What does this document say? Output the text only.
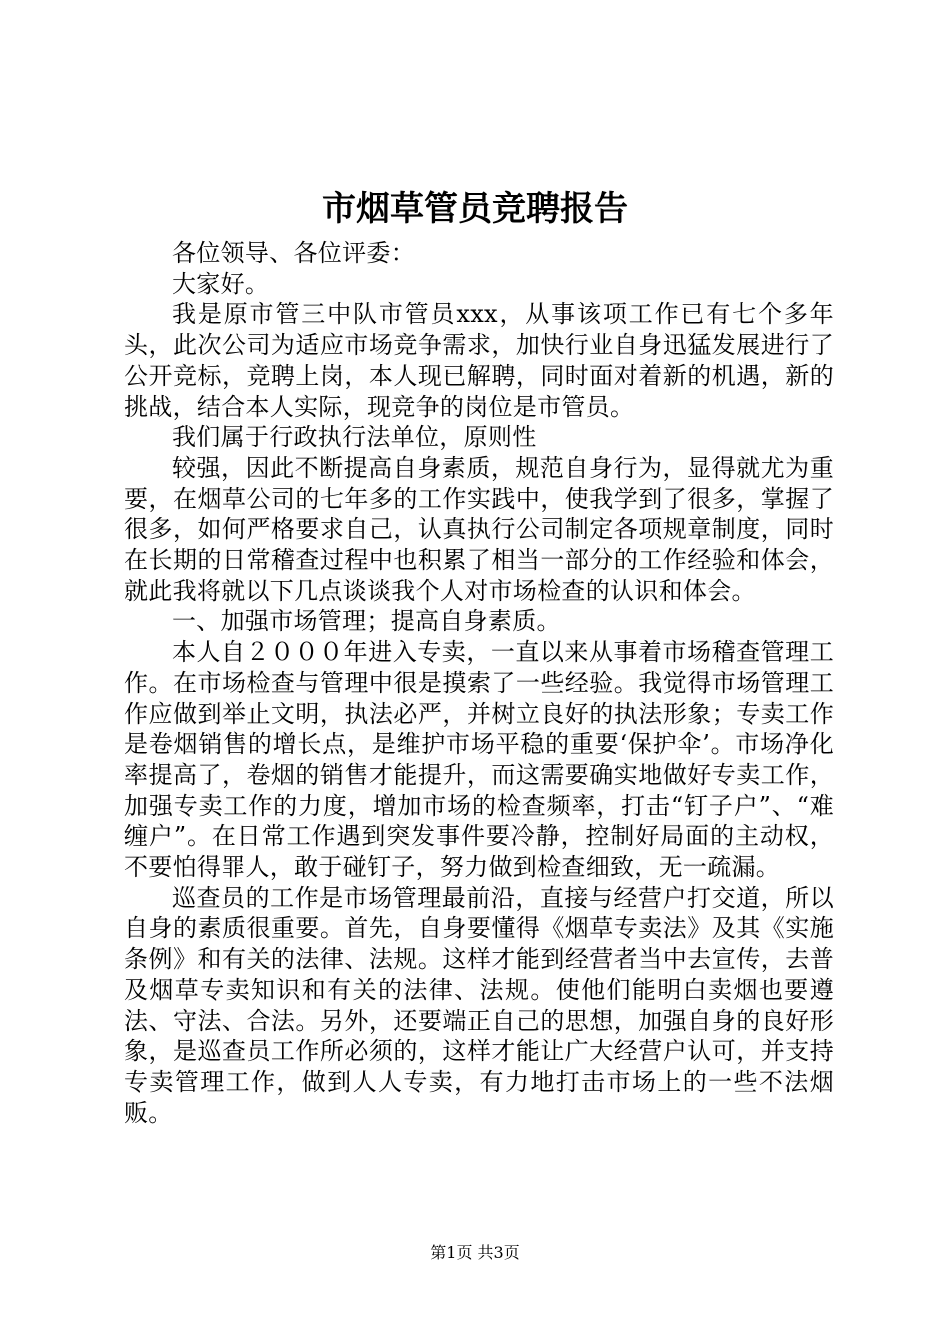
市烟草管员竞聘报告

各位领导、各位评委：

大家好。

我是原市管三中队市管员xxx，从事该项工作已有七个多年头，此次公司为适应市场竞争需求，加快行业自身迅猛发展进行了公开竞标，竞聘上岗，本人现已解聘，同时面对着新的机遇，新的挑战，结合本人实际，现竞争的岗位是市管员。

我们属于行政执行法单位，原则性

较强，因此不断提高自身素质，规范自身行为，显得就尤为重要，在烟草公司的七年多的工作实践中，使我学到了很多，掌握了很多，如何严格要求自己，认真执行公司制定各项规章制度，同时在长期的日常稽查过程中也积累了相当一部分的工作经验和体会，就此我将就以下几点谈谈我个人对市场检查的认识和体会。

一、加强市场管理；提高自身素质。

本人自２０００年进入专卖，一直以来从事着市场稽查管理工作。在市场检查与管理中很是摸索了一些经验。我觉得市场管理工作应做到举止文明，执法必严，并树立良好的执法形象；专卖工作是卷烟销售的增长点，是维护市场平稳的重要‘保护伞’。市场净化率提高了，卷烟的销售才能提升，而这需要确实地做好专卖工作，加强专卖工作的力度，增加市场的检查频率，打击“钉子户”、“难缠户”。在日常工作遇到突发事件要冷静，控制好局面的主动权，不要怕得罪人，敢于碰钉子，努力做到检查细致，无一疏漏。

巡查员的工作是市场管理最前沿，直接与经营户打交道，所以自身的素质很重要。首先，自身要懂得《烟草专卖法》及其《实施条例》和有关的法律、法规。这样才能到经营者当中去宣传，去普及烟草专卖知识和有关的法律、法规。使他们能明白卖烟也要遵法、守法、合法。另外，还要端正自己的思想，加强自身的良好形象，是巡查员工作所必须的，这样才能让广大经营户认可，并支持专卖管理工作，做到人人专卖，有力地打击市场上的一些不法烟贩。

第1页 共3页
